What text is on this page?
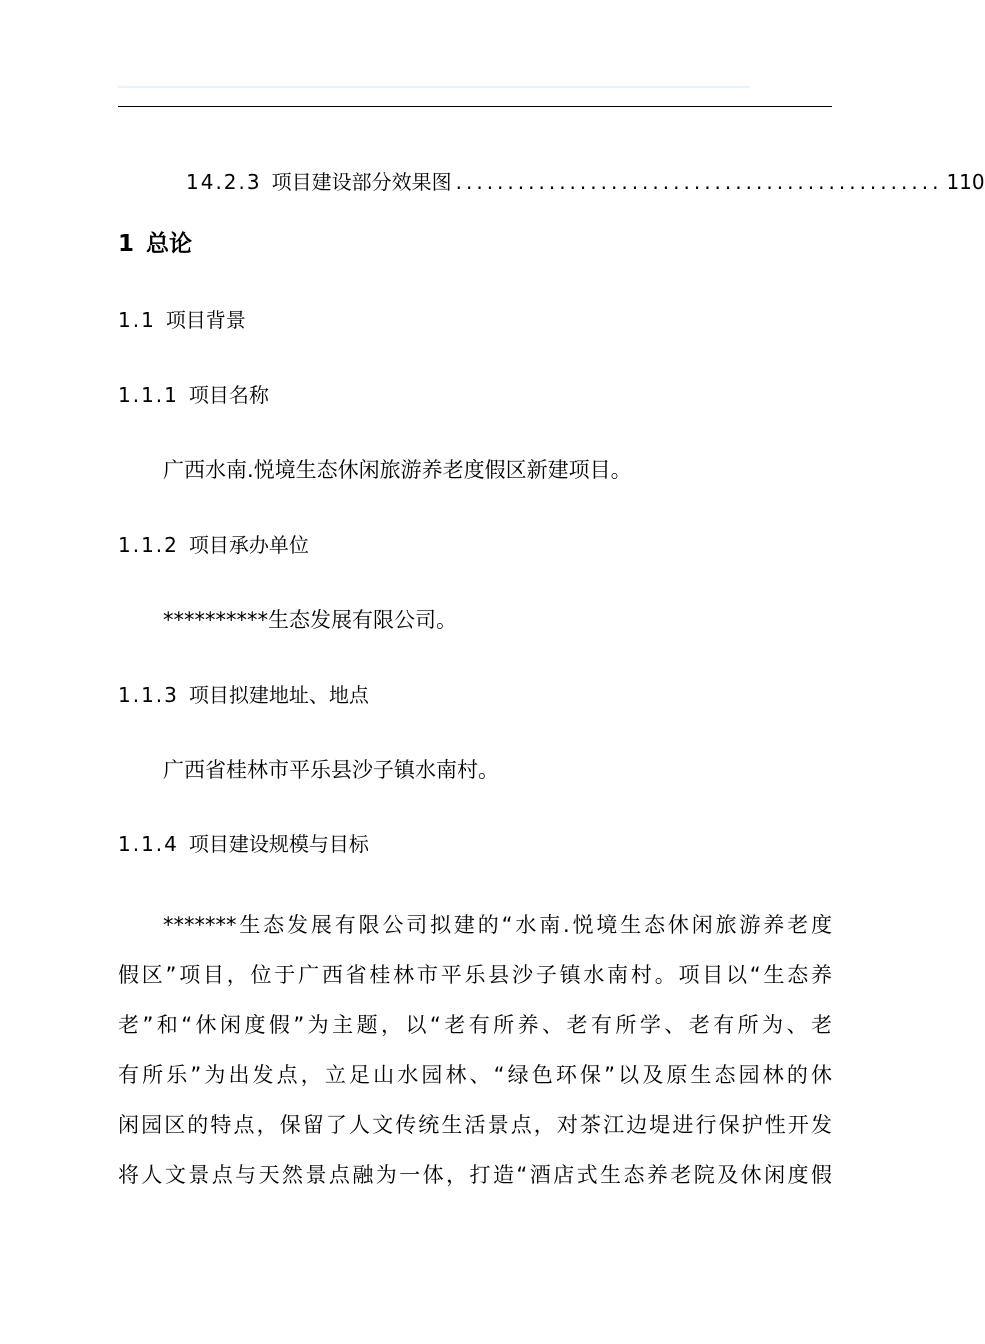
14.2.3 项目建设部分效果图 ............................................... 110
1 总论
1.1 项目背景
1.1.1 项目名称
广西水南.悦境生态休闲旅游养老度假区新建项目。
1.1.2 项目承办单位
**********生态发展有限公司。
1.1.3 项目拟建地址、地点
广西省桂林市平乐县沙子镇水南村。
1.1.4 项目建设规模与目标
*******生态发展有限公司拟建的“水南.悦境生态休闲旅游养老度
假区”项目，位于广西省桂林市平乐县沙子镇水南村。项目以“生态养
老”和“休闲度假”为主题，以“老有所养、老有所学、老有所为、老
有所乐”为出发点，立足山水园林、“绿色环保”以及原生态园林的休
闲园区的特点，保留了人文传统生活景点，对茶江边堤进行保护性开发
将人文景点与天然景点融为一体，打造“酒店式生态养老院及休闲度假
